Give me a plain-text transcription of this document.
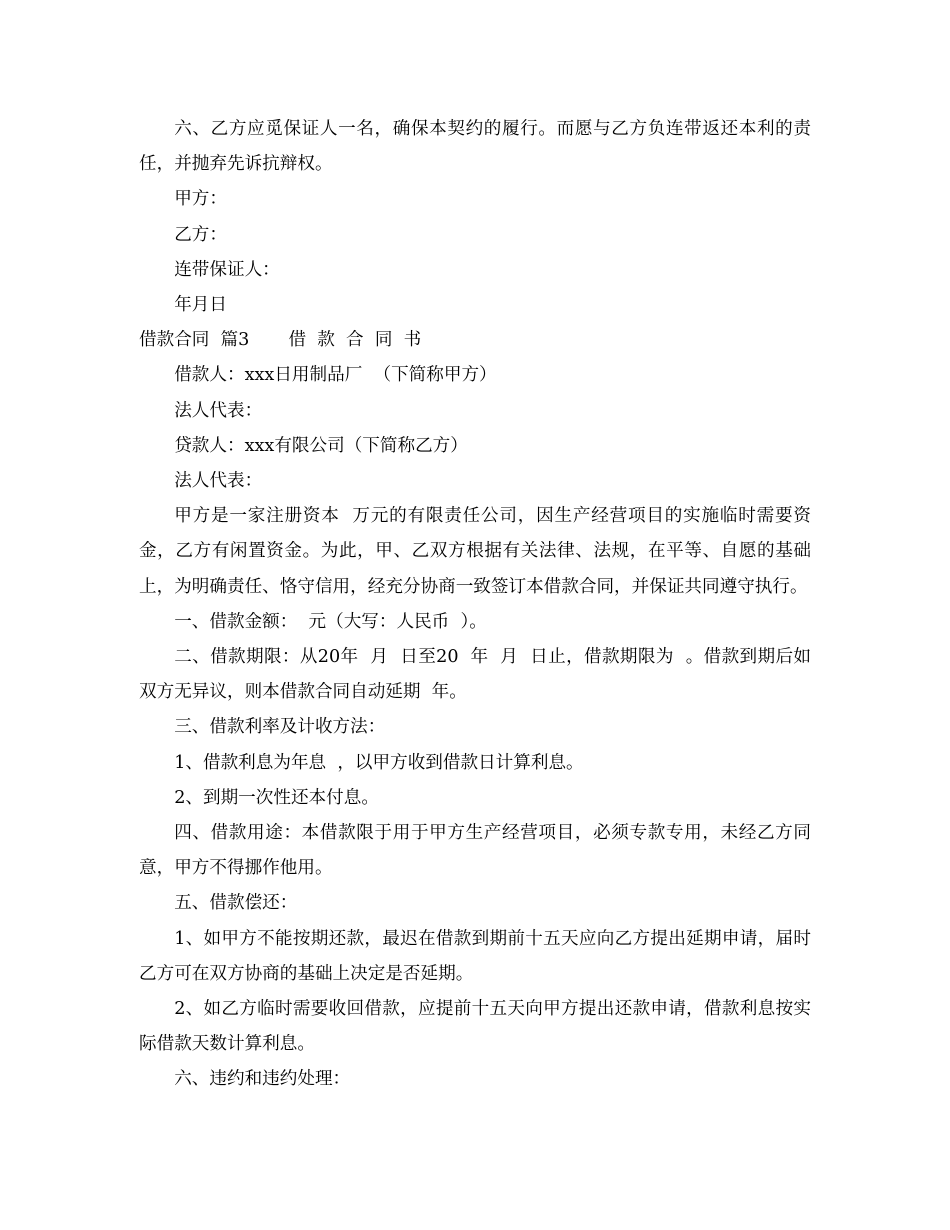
六、乙方应觅保证人一名，确保本契约的履行。而愿与乙方负连带返还本利的责任，并抛弃先诉抗辩权。

甲方：

乙方：

连带保证人：

年月日

借款合同  篇3       借  款  合  同  书

借款人：xxx日用制品厂  （下简称甲方）

法人代表：

贷款人：xxx有限公司（下简称乙方）

法人代表：

甲方是一家注册资本  万元的有限责任公司，因生产经营项目的实施临时需要资金，乙方有闲置资金。为此，甲、乙双方根据有关法律、法规，在平等、自愿的基础上，为明确责任、恪守信用，经充分协商一致签订本借款合同，并保证共同遵守执行。

一、借款金额：  元（大写：人民币  ）。

二、借款期限：从20年  月  日至20  年  月  日止，借款期限为  。借款到期后如双方无异议，则本借款合同自动延期  年。

三、借款利率及计收方法：

1、借款利息为年息  ，以甲方收到借款日计算利息。

2、到期一次性还本付息。

四、借款用途：本借款限于用于甲方生产经营项目，必须专款专用，未经乙方同意，甲方不得挪作他用。

五、借款偿还：

1、如甲方不能按期还款，最迟在借款到期前十五天应向乙方提出延期申请，届时乙方可在双方协商的基础上决定是否延期。

2、如乙方临时需要收回借款，应提前十五天向甲方提出还款申请，借款利息按实际借款天数计算利息。

六、违约和违约处理：
